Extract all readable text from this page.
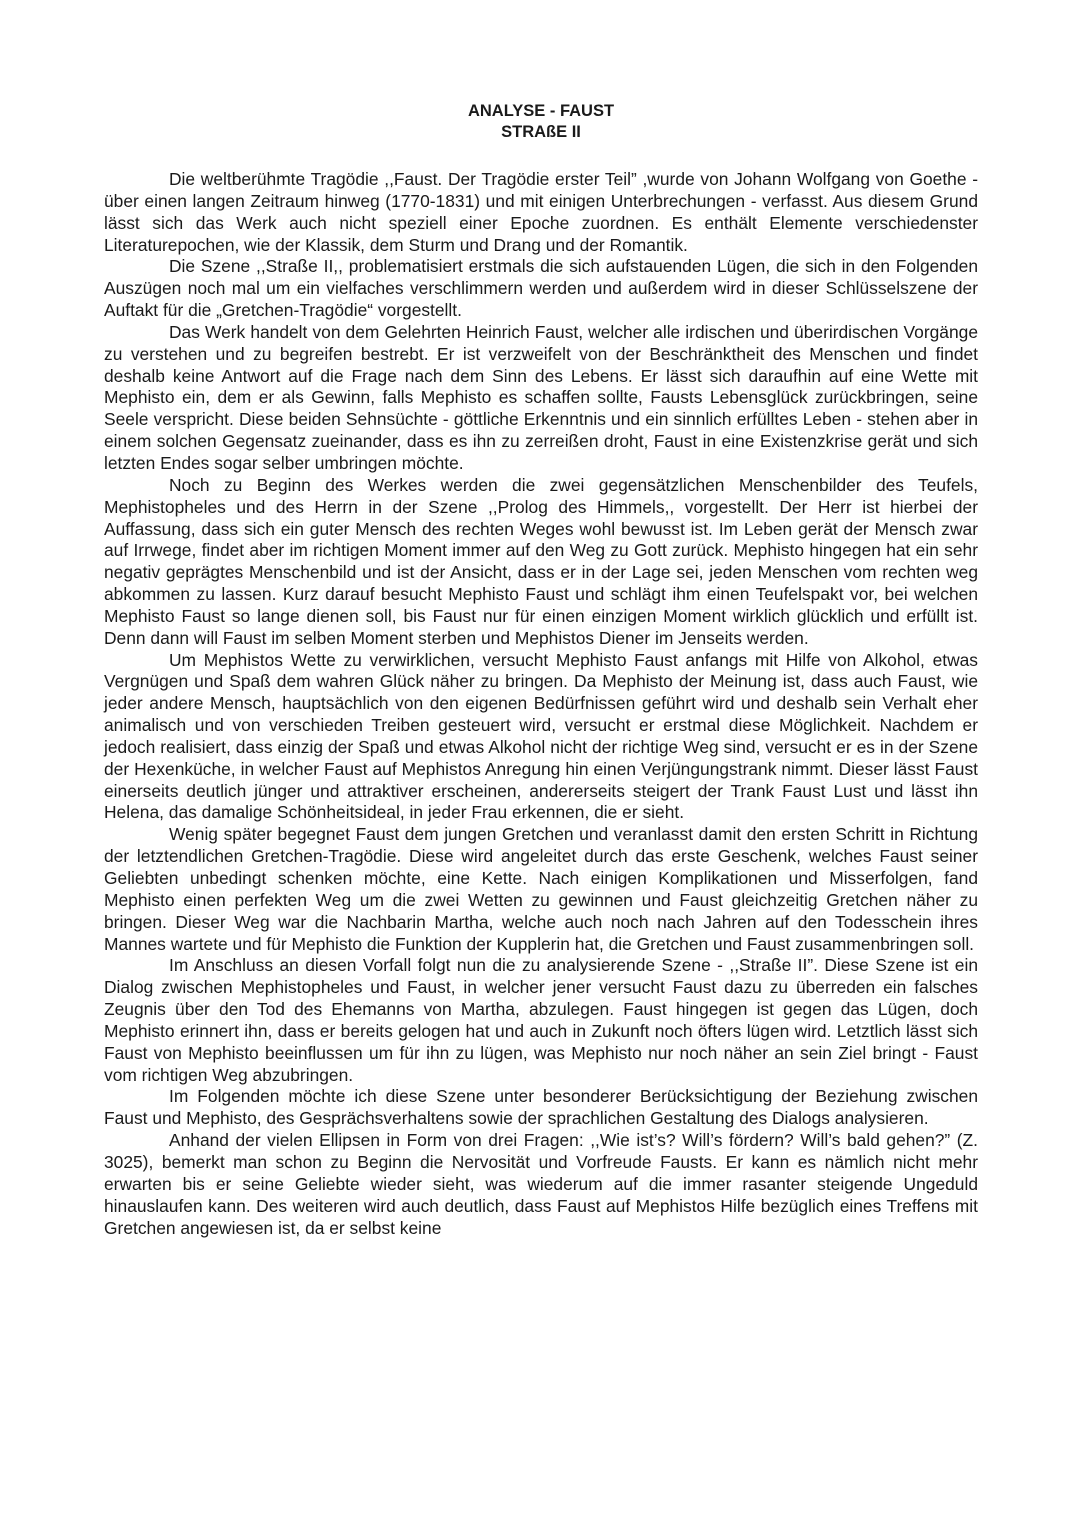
ANALYSE - FAUST
STRAßE II

Die weltberühmte Tragödie ,,Faust. Der Tragödie erster Teil” ,wurde von Johann Wolfgang von Goethe - über einen langen Zeitraum hinweg (1770-1831) und mit einigen Unterbrechungen - verfasst. Aus diesem Grund lässt sich das Werk auch nicht speziell einer Epoche zuordnen. Es enthält Elemente verschiedenster Literaturepochen, wie der Klassik, dem Sturm und Drang und der Romantik.

Die Szene ,,Straße II,, problematisiert erstmals die sich aufstauenden Lügen, die sich in den Folgenden Auszügen noch mal um ein vielfaches verschlimmern werden und außerdem wird in dieser Schlüsselszene der Auftakt für die „Gretchen-Tragödie“ vorgestellt.

Das Werk handelt von dem Gelehrten Heinrich Faust, welcher alle irdischen und überirdischen Vorgänge zu verstehen und zu begreifen bestrebt. Er ist verzweifelt von der Beschränktheit des Menschen und findet deshalb keine Antwort auf die Frage nach dem Sinn des Lebens. Er lässt sich daraufhin auf eine Wette mit Mephisto ein, dem er als Gewinn, falls Mephisto es schaffen sollte, Fausts Lebensglück zurückbringen, seine Seele verspricht. Diese beiden Sehnsüchte - göttliche Erkenntnis und ein sinnlich erfülltes Leben - stehen aber in einem solchen Gegensatz zueinander, dass es ihn zu zerreißen droht, Faust in eine Existenzkrise gerät und sich letzten Endes sogar selber umbringen möchte.

Noch zu Beginn des Werkes werden die zwei gegensätzlichen Menschenbilder des Teufels, Mephistopheles und des Herrn in der Szene ,,Prolog des Himmels,, vorgestellt. Der Herr ist hierbei der Auffassung, dass sich ein guter Mensch des rechten Weges wohl bewusst ist. Im Leben gerät der Mensch zwar auf Irrwege, findet aber im richtigen Moment immer auf den Weg zu Gott zurück. Mephisto hingegen hat ein sehr negativ geprägtes Menschenbild und ist der Ansicht, dass er in der Lage sei, jeden Menschen vom rechten weg abkommen zu lassen. Kurz darauf besucht Mephisto Faust und schlägt ihm einen Teufelspakt vor, bei welchen Mephisto Faust so lange dienen soll, bis Faust nur für einen einzigen Moment wirklich glücklich und erfüllt ist. Denn dann will Faust im selben Moment sterben und Mephistos Diener im Jenseits werden.

Um Mephistos Wette zu verwirklichen, versucht Mephisto Faust anfangs mit Hilfe von Alkohol, etwas Vergnügen und Spaß dem wahren Glück näher zu bringen. Da Mephisto der Meinung ist, dass auch Faust, wie jeder andere Mensch, hauptsächlich von den eigenen Bedürfnissen geführt wird und deshalb sein Verhalt eher animalisch und von verschieden Treiben gesteuert wird, versucht er erstmal diese Möglichkeit. Nachdem er jedoch realisiert, dass einzig der Spaß und etwas Alkohol nicht der richtige Weg sind, versucht er es in der Szene der Hexenküche, in welcher Faust auf Mephistos Anregung hin einen Verjüngungstrank nimmt. Dieser lässt Faust einerseits deutlich jünger und attraktiver erscheinen, andererseits steigert der Trank Faust Lust und lässt ihn Helena, das damalige Schönheitsideal, in jeder Frau erkennen, die er sieht.

Wenig später begegnet Faust dem jungen Gretchen und veranlasst damit den ersten Schritt in Richtung der letztendlichen Gretchen-Tragödie. Diese wird angeleitet durch das erste Geschenk, welches Faust seiner Geliebten unbedingt schenken möchte, eine Kette. Nach einigen Komplikationen und Misserfolgen, fand Mephisto einen perfekten Weg um die zwei Wetten zu gewinnen und Faust gleichzeitig Gretchen näher zu bringen. Dieser Weg war die Nachbarin Martha, welche auch noch nach Jahren auf den Todesschein ihres Mannes wartete und für Mephisto die Funktion der Kupplerin hat, die Gretchen und Faust zusammenbringen soll.

Im Anschluss an diesen Vorfall folgt nun die zu analysierende Szene - ,,Straße II”. Diese Szene ist ein Dialog zwischen Mephistopheles und Faust, in welcher jener versucht Faust dazu zu überreden ein falsches Zeugnis über den Tod des Ehemanns von Martha, abzulegen. Faust hingegen ist gegen das Lügen, doch Mephisto erinnert ihn, dass er bereits gelogen hat und auch in Zukunft noch öfters lügen wird. Letztlich lässt sich Faust von Mephisto beeinflussen um für ihn zu lügen, was Mephisto nur noch näher an sein Ziel bringt - Faust vom richtigen Weg abzubringen.

Im Folgenden möchte ich diese Szene unter besonderer Berücksichtigung der Beziehung zwischen Faust und Mephisto, des Gesprächsverhaltens sowie der sprachlichen Gestaltung des Dialogs analysieren.

Anhand der vielen Ellipsen in Form von drei Fragen: ,,Wie ist’s? Will’s fördern? Will’s bald gehen?” (Z. 3025), bemerkt man schon zu Beginn die Nervosität und Vorfreude Fausts. Er kann es nämlich nicht mehr erwarten bis er seine Geliebte wieder sieht, was wiederum auf die immer rasanter steigende Ungeduld hinauslaufen kann. Des weiteren wird auch deutlich, dass Faust auf Mephistos Hilfe bezüglich eines Treffens mit Gretchen angewiesen ist, da er selbst keine
